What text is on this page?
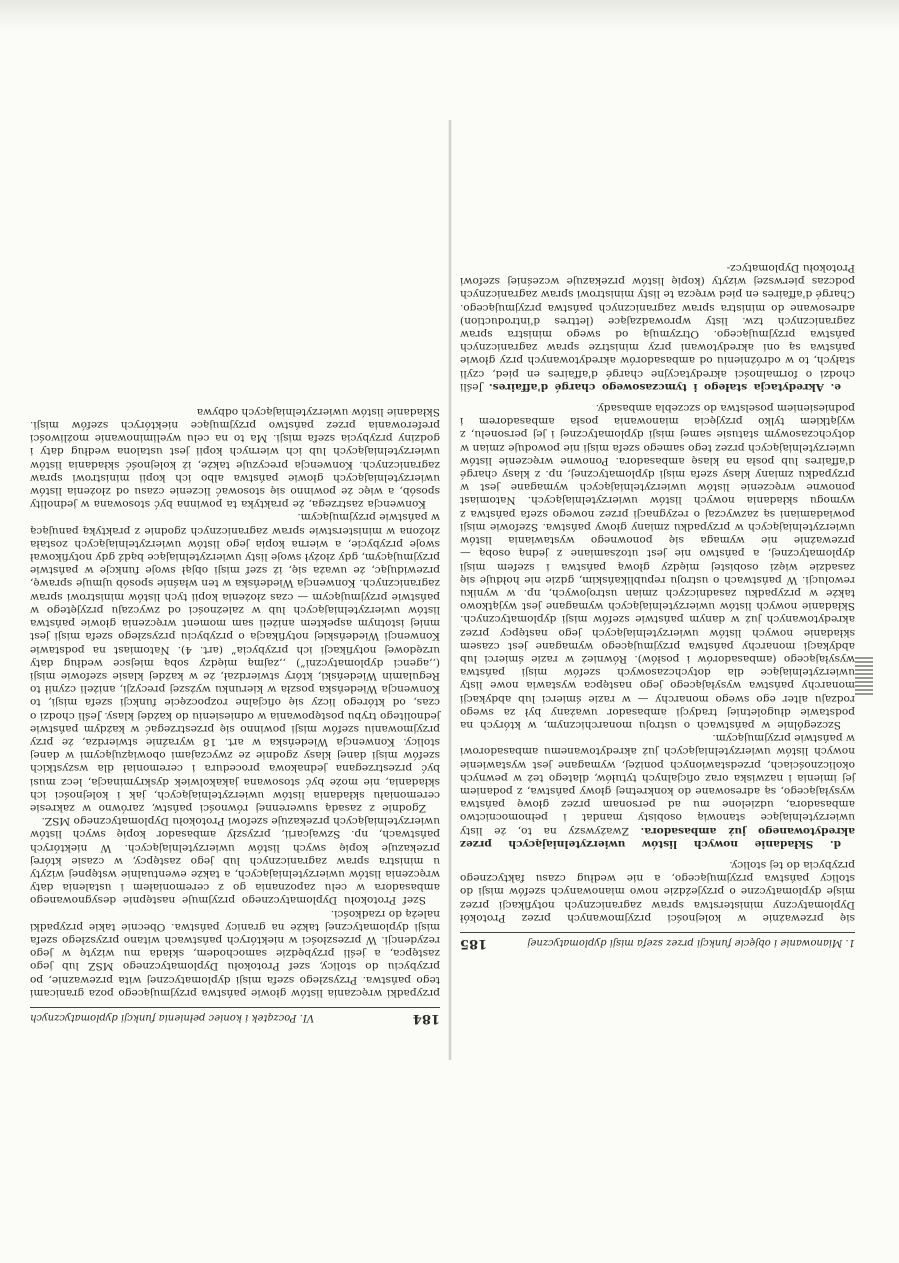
184
VI. Początek i koniec pełnienia funkcji dyplomatycznych

przypadki wręczania listów głowie państwa przyjmującego poza granicami tego państwa. Przyszłego szefa misji dyplomatycznej wita przewaznie, po przybyciu do stolicy, szef Protokołu Dyplomatycznego MSZ lub jego zastępca, a jeśli przybędzie samochodem, składa mu wizytę w jego rezydencji. W przeszłości w niektórych państwach witano przyszłego szefa misji dyplomatycznej także na granicy państwa. Obecnie takie przypadki należą do rzadkości.

Szef Protokołu Dyplomatycznego przyjmuje następnie desygnowanego ambasadora w celu zapoznania go z ceremoniałem i ustalenia daty wręczenia listów uwierzytelniających, a także ewentualnie wstępnej wizyty u ministra spraw zagranicznych lub jego zastępcy, w czasie której przekazuje kopię swych listów uwierzytelniających. W niektórych państwach, np. Szwajcarii, przyszły ambasador kopię swych listów uwierzytelniających przekazuje szefowi Protokołu Dyplomatycznego MSZ.

Zgodnie z zasadą suwerennej równości państw, zarówno w zakresie ceremoniału składania listów uwierzytelniających, jak i kolejności ich składania, nie może być stosowana jakakolwiek dyskryminacja, lecz musi być przestrzegana jednakowa procedura i ceremoniał dla wszystkich szefów misji danej klasy zgodnie ze zwyczajami obowiązującymi w danej stolicy. Konwencja Wiedeńska w art. 18 wyraźnie stwierdza, że przy przyjmowaniu szefów misji powinno się przestrzegać w każdym państwie jednolitego trybu postępowania w odniesieniu do każdej klasy. Jeśli chodzi o czas, od którego liczy się oficjalne rozpoczęcie funkcji szefa misji, to Konwencja Wiedeńska poszła w kierunku wyższej precyzji, aniżeli czynił to Regulamin Wiedeński, który stwierdzał, że w każdej klasie szefowie misji (,,agenci dyplomatyczni”) ,,zajmą między sobą miejsce według daty urzędowej notyfikacji ich przybycia” (art. 4). Natomiast na podstawie Konwencji Wiedeńskiej notyfikacja o przybyciu przyszłego szefa misji jest mniej istotnym aspektem aniżeli sam moment wręczenia głowie państwa listów uwierzytelniających lub w zależności od zwyczaju przyjętego w państwie przyjmującym — czas złożenia kopii tych listów ministrowi spraw zagranicznych. Konwencja Wiedeńska w ten właśnie sposób ujmuje sprawę, przewidując, że uważa się, iż szef misji objął swoje funkcje w państwie przyjmującym, gdy złożył swoje listy uwierzytelniające bądź gdy notyfikował swoje przybycie, a wierna kopia jego listów uwierzytelniających została złożona w ministerstwie spraw zagranicznych zgodnie z praktyką panującą w państwie przyjmującym.

Konwencja zastrzega, że praktyka ta powinna być stosowana w jednolity sposób, a więc że powinno się stosować liczenie czasu od złożenia listów uwierzytelniających głowie państwa albo ich kopii ministrowi spraw zagranicznych. Konwencja precyzuje także, iż kolejność składania listów uwierzytelniających lub ich wiernych kopii jest ustalona według daty i godziny przybycia szefa misji. Ma to na celu wyeliminowanie możliwości preferowania przez państwo przyjmujące niektórych szefów misji. Składanie listów uwierzytelniających odbywa

1. Mianowanie i objęcie funkcji przez szefa misji dyplomatycznej
185

się przeważnie w kolejności przyjmowanych przez Protokół Dyplomatyczny ministerstwa spraw zagranicznych notyfikacji przez misje dyplomatyczne o przyjeździe nowo mianowanych szefów misji do stolicy państwa przyjmującego, a nie według czasu faktycznego przybycia do tej stolicy.

d. Składanie nowych listów uwierzytelniających przez akredytowanego już ambasadora. Zważywszy na to, że listy uwierzytelniające stanowią osobisty mandat i pełnomocnictwo ambasadora, udzielone mu ad personam przez głowę państwa wysyłającego, są adresowane do konkretnej głowy państwa, z podaniem jej imienia i nazwiska oraz oficjalnych tytułów, dlatego też w pewnych okolicznościach, przedstawionych poniżej, wymagane jest wystawienie nowych listów uwierzytelniających już akredytowanemu ambasadorowi w państwie przyjmującym.

Szczególnie w państwach o ustroju monarchicznym, w których na podstawie długoletniej tradycji ambasador uważany był za swego rodzaju alter ego swego monarchy — w razie śmierci lub abdykacji monarchy państwa wysyłającego jego następca wystawia nowe listy uwierzytelniające dla dotychczasowych szefów misji państwa wysyłającego (ambasadorów i posłów). Również w razie śmierci lub abdykacji monarchy państwa przyjmującego wymagane jest czasem składanie nowych listów uwierzytelniających jego następcy przez akredytowanych już w danym państwie szefów misji dyplomatycznych. Składanie nowych listów uwierzytelniających wymagane jest wyjątkowo także w przypadku zasadniczych zmian ustrojowych, np. w wyniku rewolucji. W państwach o ustroju republikańskim, gdzie nie hołduje się zasadzie więzi osobistej między głową państwa i szefem misji dyplomatycznej, a państwo nie jest utożsamiane z jedną osobą — przeważnie nie wymaga się ponownego wystawiania listów uwierzytelniających w przypadku zmiany głowy państwa. Szefowie misji powiadamiani są zazwyczaj o rezygnacji przez nowego szefa państwa z wymogu składania nowych listów uwierzytelniających. Natomiast ponowne wręczenie listów uwierzytelniających wymagane jest w przypadku zmiany klasy szefa misji dyplomatycznej, np. z klasy chargé d'affaires lub posła na klasę ambasadora. Ponowne wręczenie listów uwierzytelniających przez tego samego szefa misji nie powoduje zmian w dotychczasowym statusie samej misji dyplomatycznej i jej personelu, z wyjątkiem tylko przyjęcia mianowania posła ambasadorem i podniesieniem poselstwa do szczebla ambasady.

e. Akredytacja stałego i tymczasowego chargé d'affaires. Jeśli chodzi o formalności akredytacyjne chargé d'affaires en pied, czyli stałych, to w odróżnieniu od ambasadorów akredytowanych przy głowie państwa są oni akredytowani przy ministrze spraw zagranicznych państwa przyjmującego. Otrzymują od swego ministra spraw zagranicznych tzw. listy wprowadzające (lettres d'introduction) adresowane do ministra spraw zagranicznych państwa przyjmującego. Chargé d'affaires en pied wręcza te listy ministrowi spraw zagranicznych podczas pierwszej wizyty (kopię listów przekazuje wcześniej szefowi Protokołu Dyplomatycz-
